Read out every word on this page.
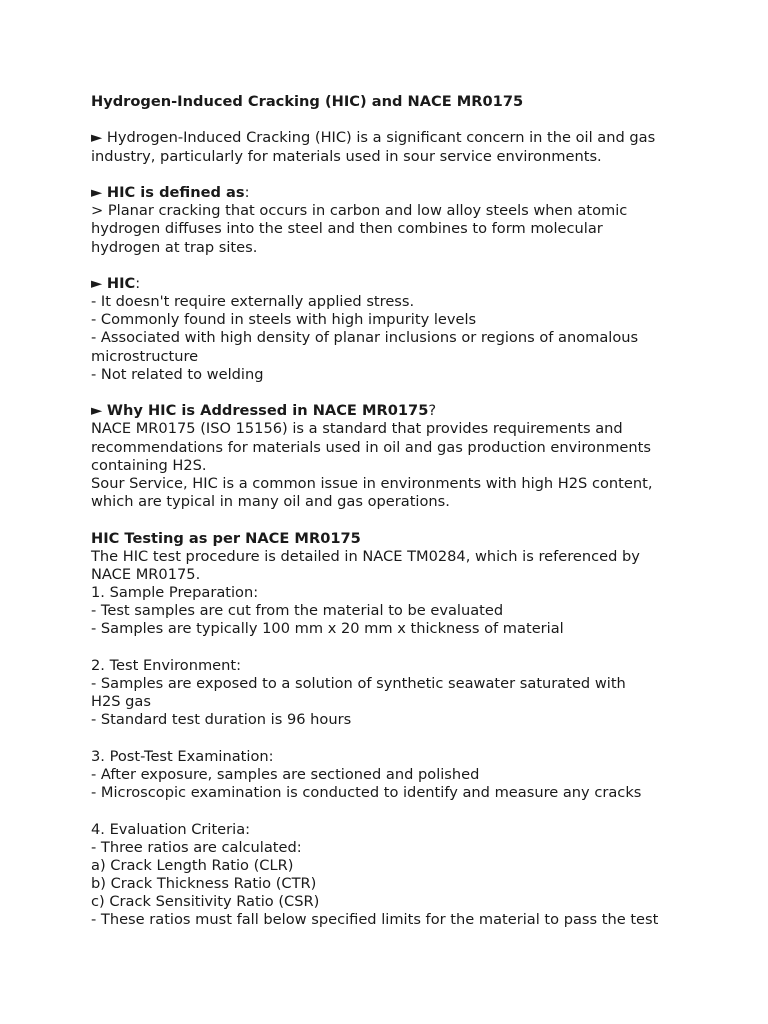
Hydrogen-Induced Cracking (HIC) and NACE MR0175
► Hydrogen-Induced Cracking (HIC) is a significant concern in the oil and gas
industry, particularly for materials used in sour service environments.
► HIC is defined as:
> Planar cracking that occurs in carbon and low alloy steels when atomic
hydrogen diffuses into the steel and then combines to form molecular
hydrogen at trap sites.
► HIC:
- It doesn't require externally applied stress.
- Commonly found in steels with high impurity levels
- Associated with high density of planar inclusions or regions of anomalous
microstructure
- Not related to welding
► Why HIC is Addressed in NACE MR0175?
NACE MR0175 (ISO 15156) is a standard that provides requirements and
recommendations for materials used in oil and gas production environments
containing H2S.
Sour Service, HIC is a common issue in environments with high H2S content,
which are typical in many oil and gas operations.
HIC Testing as per NACE MR0175
The HIC test procedure is detailed in NACE TM0284, which is referenced by
NACE MR0175.
1. Sample Preparation:
- Test samples are cut from the material to be evaluated
- Samples are typically 100 mm x 20 mm x thickness of material
2. Test Environment:
- Samples are exposed to a solution of synthetic seawater saturated with
H2S gas
- Standard test duration is 96 hours
3. Post-Test Examination:
- After exposure, samples are sectioned and polished
- Microscopic examination is conducted to identify and measure any cracks
4. Evaluation Criteria:
- Three ratios are calculated:
a) Crack Length Ratio (CLR)
b) Crack Thickness Ratio (CTR)
c) Crack Sensitivity Ratio (CSR)
- These ratios must fall below specified limits for the material to pass the test
